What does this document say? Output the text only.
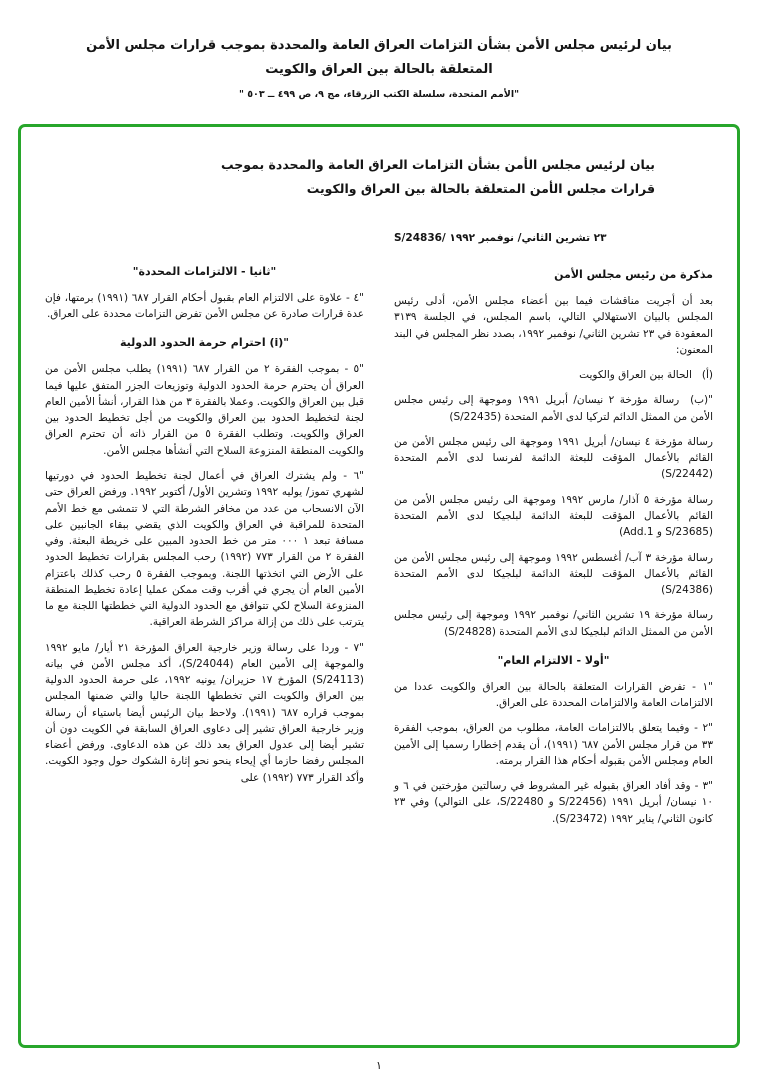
بيان لرئيس مجلس الأمن بشأن التزامات العراق العامة والمحددة بموجب قرارات مجلس الأمن
المتعلقة بالحالة بين العراق والكويت
"الأمم المتحدة، سلسلة الكتب الزرقاء، مج ٩، ص ٤٩٩ ــ ٥٠٣ "
بيان لرئيس مجلس الأمن بشأن التزامات العراق العامة والمحددة بموجب
قرارات مجلس الأمن المتعلقة بالحالة بين العراق والكويت

٢٣ تشرين الثاني/ نوفمبر ١٩٩٢ S/24836/

مذكرة من رئيس مجلس الأمن

بعد أن أجريت مناقشات فيما بين أعضاء مجلس الأمن، أدلى رئيس المجلس بالبيان الاستهلالي التالي، باسم المجلس، في الجلسة ٣١٣٩ المعقودة في ٢٣ تشرين الثاني/ نوفمبر ١٩٩٢، بصدد نظر المجلس في البند المعنون:

(أ)   الحالة بين العراق والكويت

"(ب)  رسالة مؤرخة ٢ نيسان/ أبريل ١٩٩١ وموجهة إلى رئيس مجلس الأمن من الممثل الدائم لتركيا لدى الأمم المتحدة (S/22435)

رسالة مؤرخة ٤ نيسان/ أبريل ١٩٩١ وموجهة الى رئيس مجلس الأمن من القائم بالأعمال المؤقت للبعثة الدائمة لفرنسا لدى الأمم المتحدة (S/22442)

رسالة مؤرخة ٥ آذار/ مارس ١٩٩٢ وموجهة الى رئيس مجلس الأمن من القائم بالأعمال المؤقت للبعثة الدائمة لبلجيكا لدى الأمم المتحدة (S/23685 و Add.1)

رسالة مؤرخة ٣ آب/ أغسطس ١٩٩٢ وموجهة إلى رئيس مجلس الأمن من القائم بالأعمال المؤقت للبعثة الدائمة لبلجيكا لدى الأمم المتحدة (S/24386)

رسالة مؤرخة ١٩ تشرين الثاني/ نوفمبر ١٩٩٢ وموجهة إلى رئيس مجلس الأمن من الممثل الدائم لبلجيكا لدى الأمم المتحدة (S/24828)

"أولا - الالتزام العام"

"١ - تفرض القرارات المتعلقة بالحالة بين العراق والكويت عددا من الالتزامات العامة والالتزامات المحددة على العراق.

"٢ - وفيما يتعلق بالالتزامات العامة، مطلوب من العراق، بموجب الفقرة ٣٣ من قرار مجلس الأمن ٦٨٧ (١٩٩١)، أن يقدم إخطارا رسميا إلى الأمين العام ومجلس الأمن بقبوله أحكام هذا القرار برمته.

"٣ - وقد أفاد العراق بقبوله غير المشروط في رسالتين مؤرختين في ٦ و ١٠ نيسان/ أبريل ١٩٩١ (S/22456 و S/22480، على التوالي) وفي ٢٣ كانون الثاني/ يناير ١٩٩٢ (S/23472).

"ثانيا - الالتزامات المحددة"

"٤ - علاوة على الالتزام العام بقبول أحكام القرار ٦٨٧ (١٩٩١) برمتها، فإن عدة قرارات صادرة عن مجلس الأمن تفرض التزامات محددة على العراق.

"(i) احترام حرمة الحدود الدولية

"٥ - بموجب الفقرة ٢ من القرار ٦٨٧ (١٩٩١) يطلب مجلس الأمن من العراق أن يحترم حرمة الحدود الدولية وتوزيعات الجزر المتفق عليها فيما قبل بين العراق والكويت. وعملا بالفقرة ٣ من هذا القرار، أنشأ الأمين العام لجنة لتخطيط الحدود بين العراق والكويت من أجل تخطيط الحدود بين العراق والكويت. وتطلب الفقرة ٥ من القرار ذاته أن تحترم العراق والكويت المنطقة المنزوعة السلاح التي أنشأها مجلس الأمن.

"٦ - ولم يشترك العراق في أعمال لجنة تخطيط الحدود في دورتيها لشهري تموز/ يوليه ١٩٩٢ وتشرين الأول/ أكتوبر ١٩٩٢. ورفض العراق حتى الآن الانسحاب من عدد من مخافر الشرطة التي لا تتمشى مع خط الأمم المتحدة للمراقبة في العراق والكويت الذي يقضي ببقاء الجانبين على مسافة تبعد ١ ٠٠٠ متر من خط الحدود المبين على خريطة البعثة. وفي الفقرة ٢ من القرار ٧٧٣ (١٩٩٢) رحب المجلس بقرارات تخطيط الحدود على الأرض التي اتخذتها اللجنة. وبموجب الفقرة ٥ رحب كذلك باعتزام الأمين العام أن يجري في أقرب وقت ممكن عمليا إعادة تخطيط المنطقة المنزوعة السلاح لكي تتوافق مع الحدود الدولية التي خططتها اللجنة مع ما يترتب على ذلك من إزالة مراكز الشرطة العراقية.

"٧ - وردا على رسالة وزير خارجية العراق المؤرخة ٢١ أيار/ مايو ١٩٩٢ والموجهة إلى الأمين العام (S/24044)، أكد مجلس الأمن في بيانه (S/24113) المؤرخ ١٧ حزيران/ يونيه ١٩٩٢، على حرمة الحدود الدولية بين العراق والكويت التي تخططها اللجنة حاليا والتي ضمنها المجلس بموجب قراره ٦٨٧ (١٩٩١). ولاحظ بيان الرئيس أيضا باستياء أن رسالة وزير خارجية العراق تشير إلى دعاوى العراق السابقة في الكويت دون أن تشير أيضا إلى عدول العراق بعد ذلك عن هذه الدعاوى. ورفض أعضاء المجلس رفضا حازما أي إيحاء ينحو نحو إثارة الشكوك حول وجود الكويت. وأكد القرار ٧٧٣ (١٩٩٢) على

١
